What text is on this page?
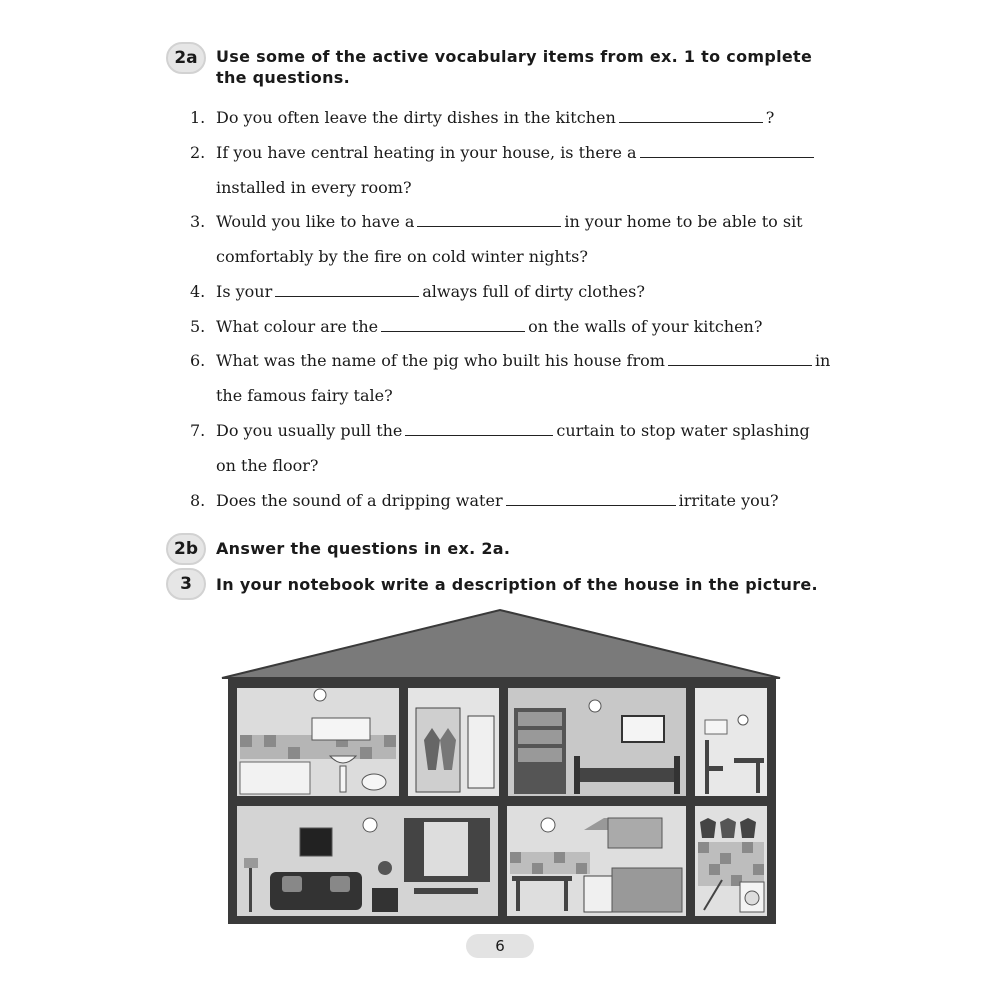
2a	Use some of the active vocabulary items from ex. 1 to complete the questions.
1. Do you often leave the dirty dishes in the kitchen	?
2. If you have central heating in your house, is there a
installed in every room?
3. Would you like to have a	in your home to be able to sit
comfortably by the fire on cold winter nights?
4. Is your	always full of dirty clothes?
5. What colour are the	on the walls of your kitchen?
6. What was the name of the pig who built his house from	in
the famous fairy tale?
7. Do you usually pull the	curtain to stop water splashing
on the floor?
8. Does the sound of a dripping water	irritate you?
2b	Answer the questions in ex. 2a.
3	In your notebook write a description of the house in the picture.
6
